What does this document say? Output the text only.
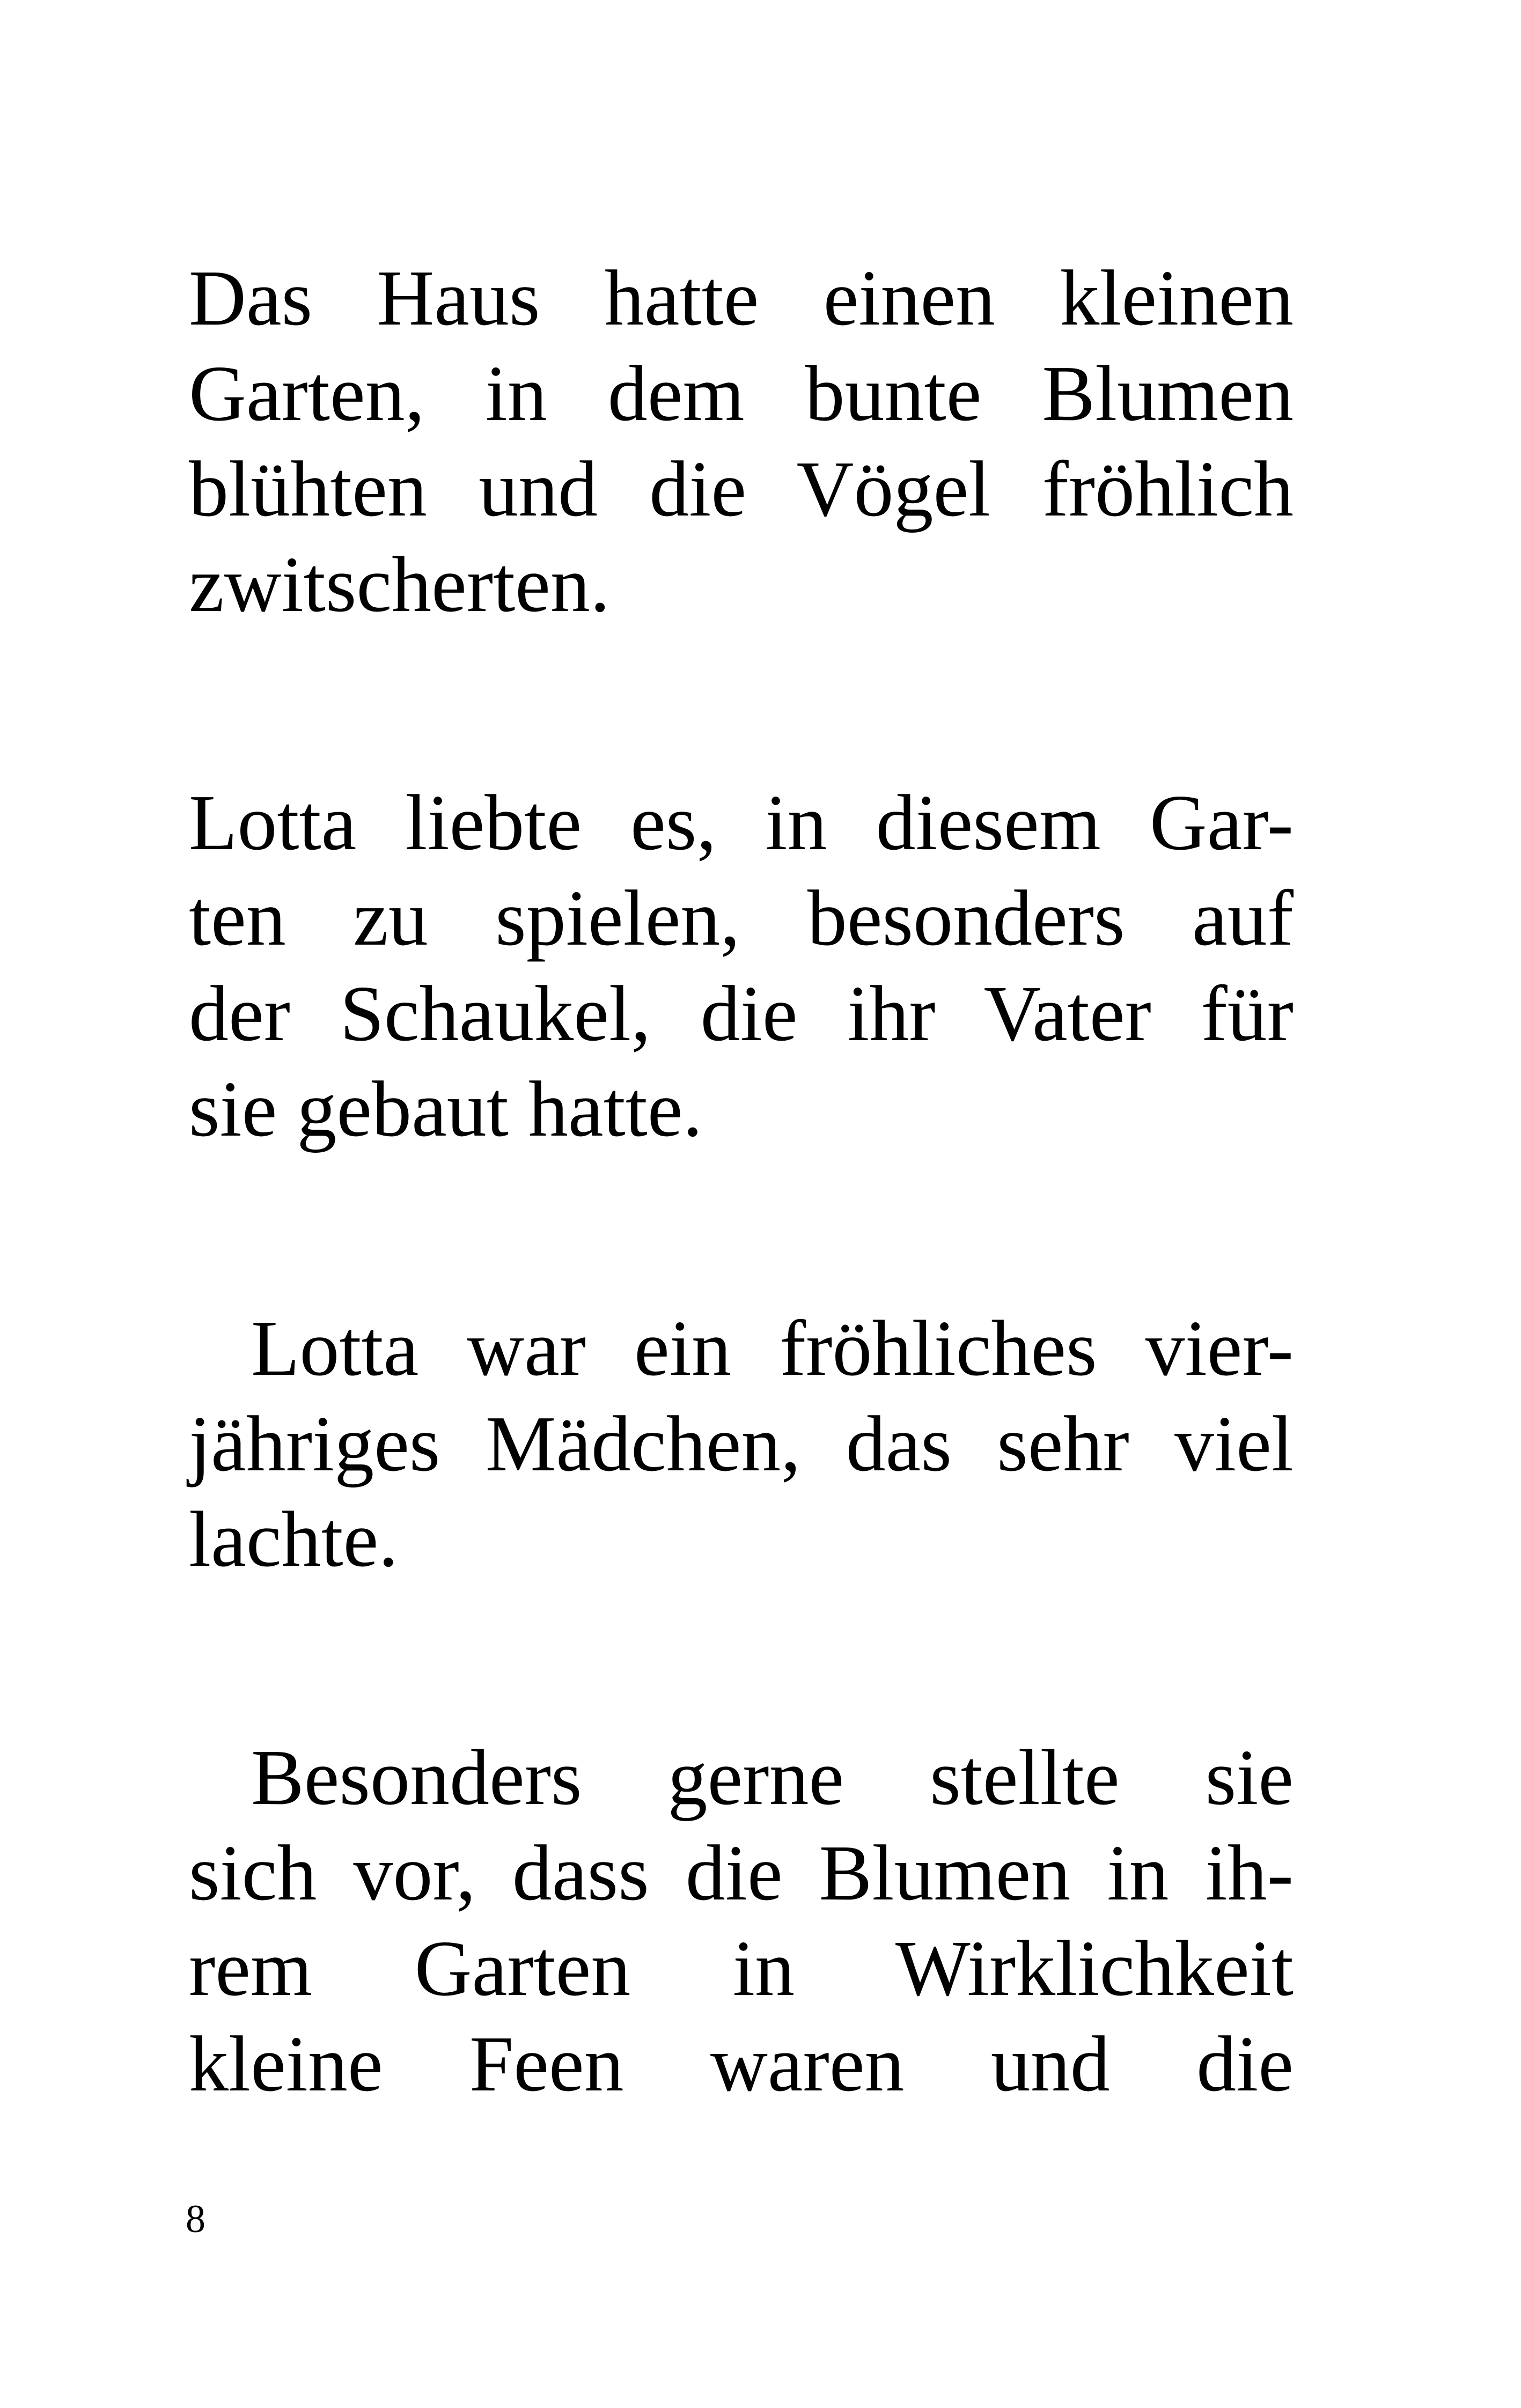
Das Haus hatte einen kleinen
Garten, in dem bunte Blumen
blühten und die Vögel fröhlich
zwitscherten.
Lotta liebte es, in diesem Gar-
ten zu spielen, besonders auf
der Schaukel, die ihr Vater für
sie gebaut hatte.
Lotta war ein fröhliches vier-
jähriges Mädchen, das sehr viel
lachte.
Besonders gerne stellte sie
sich vor, dass die Blumen in ih-
rem Garten in Wirklichkeit
kleine Feen waren und die
8
